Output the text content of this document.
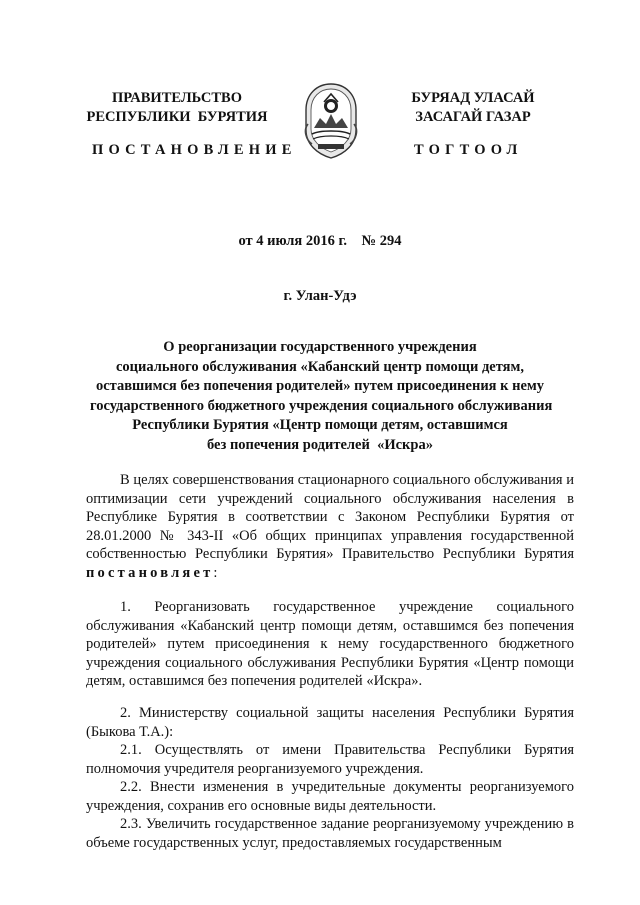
ПРАВИТЕЛЬСТВО
РЕСПУБЛИКИ  БУРЯТИЯ
ПОСТАНОВЛЕНИЕ
БУРЯАД УЛАСАЙ
ЗАСАГАЙ ГАЗАР
ТОГТООЛ
от 4 июля 2016 г. № 294
г. Улан-Удэ
О реорганизации государственного учреждения
социального обслуживания «Кабанский центр помощи детям,
оставшимся без попечения родителей» путем присоединения к нему
государственного бюджетного учреждения социального обслуживания
Республики Бурятия «Центр помощи детям, оставшимся
без попечения родителей  «Искра»
В целях совершенствования стационарного социального обслуживания и оптимизации сети учреждений социального обслуживания населения в Республике Бурятия в соответствии с Законом Республики Бурятия от 28.01.2000 № 343-II «Об общих принципах управления государственной собственностью Республики Бурятия» Правительство Республики Бурятия постановляет:
1. Реорганизовать государственное учреждение социального обслуживания «Кабанский центр помощи детям, оставшимся без попечения родителей» путем присоединения к нему государственного бюджетного учреждения социального обслуживания Республики Бурятия «Центр помощи детям, оставшимся без попечения родителей «Искра».
2. Министерству социальной защиты населения Республики Бурятия (Быкова Т.А.):
2.1. Осуществлять от имени Правительства Республики Бурятия полномочия учредителя реорганизуемого учреждения.
2.2. Внести изменения в учредительные документы реорганизуемого учреждения, сохранив его основные виды деятельности.
2.3. Увеличить государственное задание реорганизуемому учреждению в объеме государственных услуг, предоставляемых государственным
